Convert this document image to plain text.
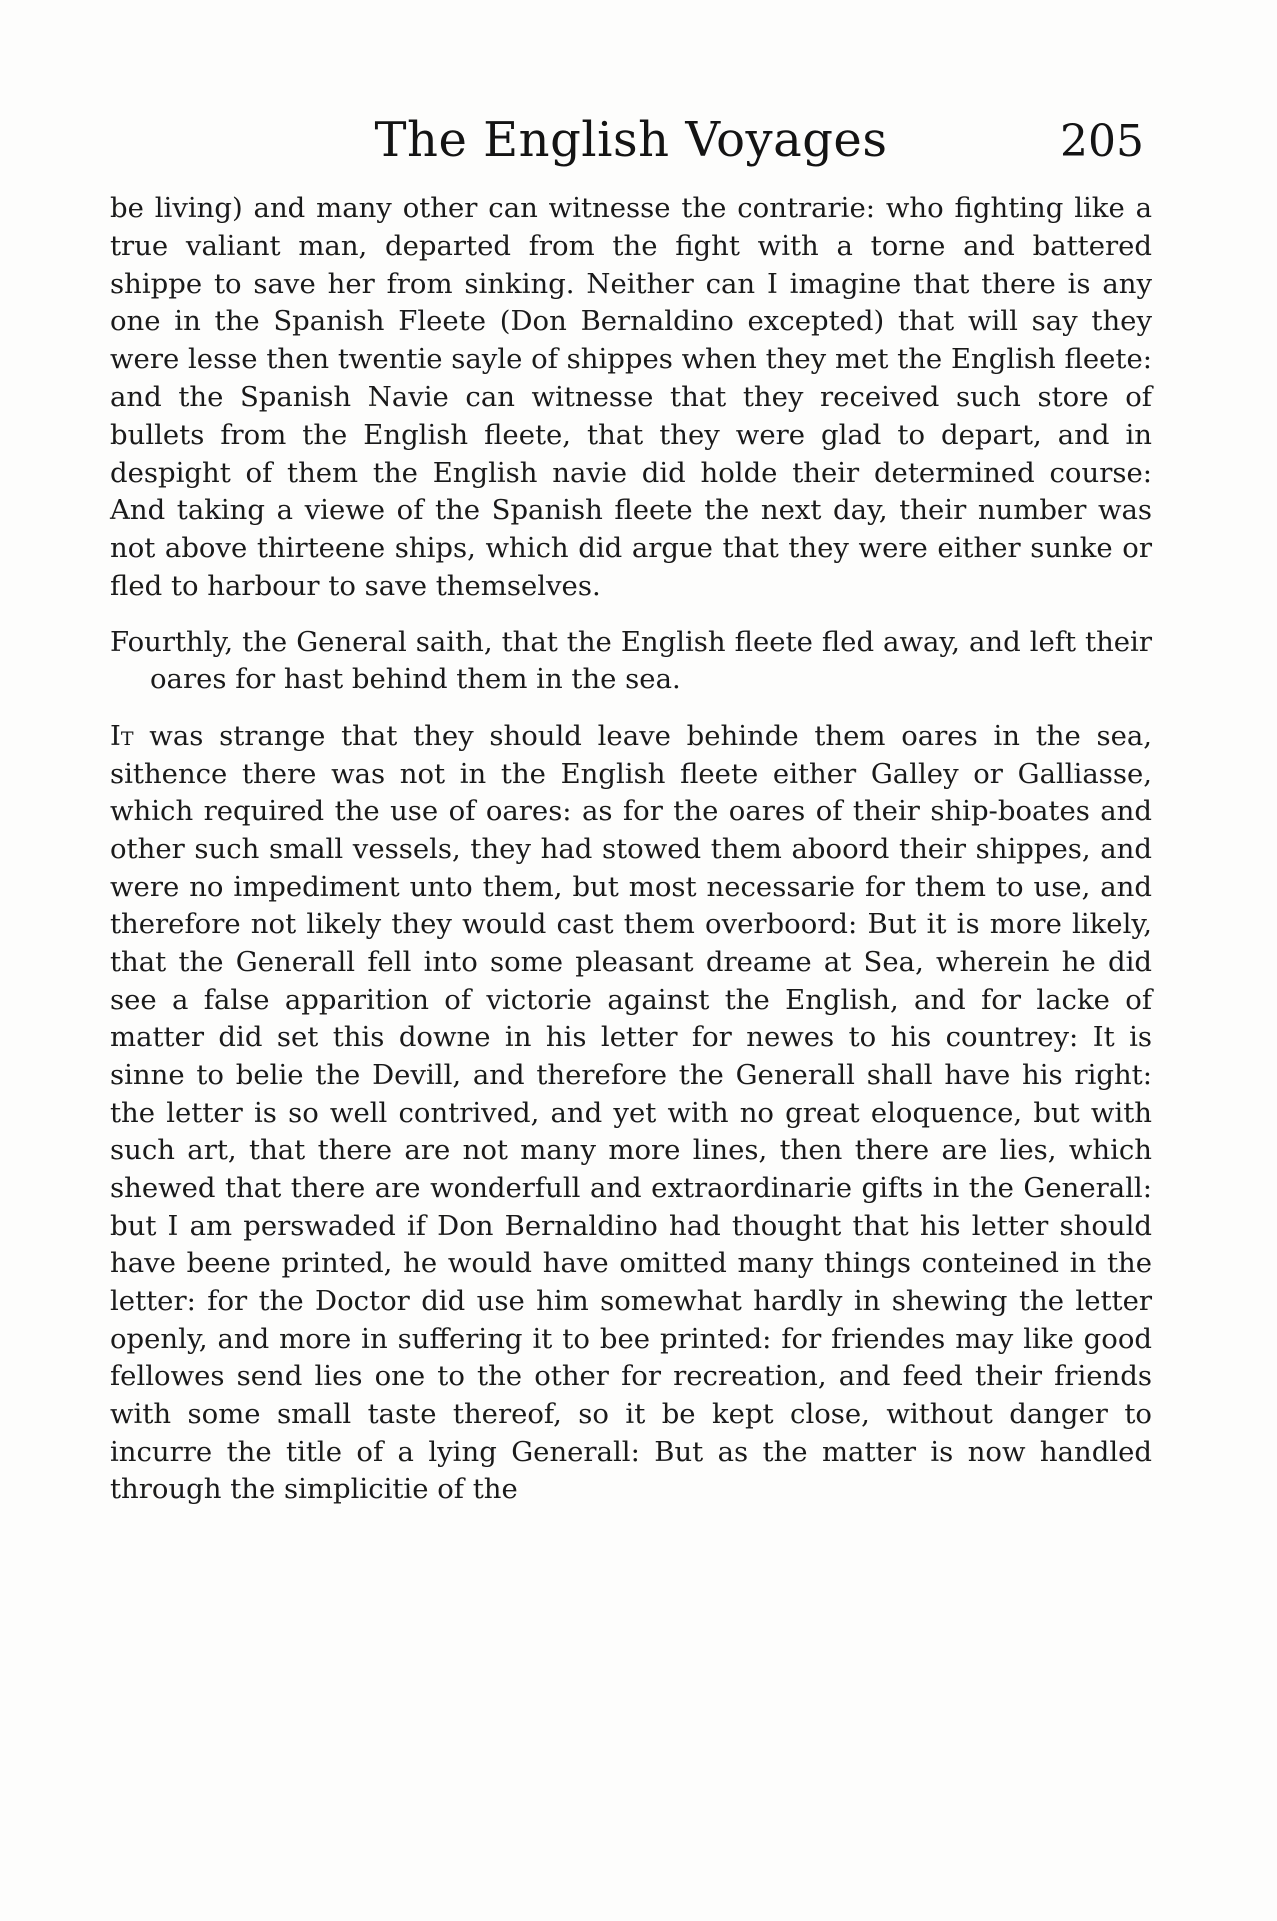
The English Voyages	205

be living) and many other can witnesse the contrarie: who fighting like a true valiant man, departed from the fight with a torne and battered shippe to save her from sinking. Neither can I imagine that there is any one in the Spanish Fleete (Don Bernaldino excepted) that will say they were lesse then twentie sayle of shippes when they met the English fleete: and the Spanish Navie can witnesse that they received such store of bullets from the English fleete, that they were glad to depart, and in despight of them the English navie did holde their determined course: And taking a viewe of the Spanish fleete the next day, their number was not above thirteene ships, which did argue that they were either sunke or fled to harbour to save themselves.

Fourthly, the General saith, that the English fleete fled away, and left their oares for hast behind them in the sea.

It was strange that they should leave behinde them oares in the sea, sithence there was not in the English fleete either Galley or Galliasse, which required the use of oares: as for the oares of their ship-boates and other such small vessels, they had stowed them aboord their shippes, and were no impediment unto them, but most necessarie for them to use, and therefore not likely they would cast them overboord: But it is more likely, that the Generall fell into some pleasant dreame at Sea, wherein he did see a false apparition of victorie against the English, and for lacke of matter did set this downe in his letter for newes to his countrey: It is sinne to belie the Devill, and therefore the Generall shall have his right: the letter is so well contrived, and yet with no great eloquence, but with such art, that there are not many more lines, then there are lies, which shewed that there are wonderfull and extraordinarie gifts in the Generall: but I am perswaded if Don Bernaldino had thought that his letter should have beene printed, he would have omitted many things conteined in the letter: for the Doctor did use him somewhat hardly in shewing the letter openly, and more in suffering it to bee printed: for friendes may like good fellowes send lies one to the other for recreation, and feed their friends with some small taste thereof, so it be kept close, without danger to incurre the title of a lying Generall: But as the matter is now handled through the simplicitie of the
